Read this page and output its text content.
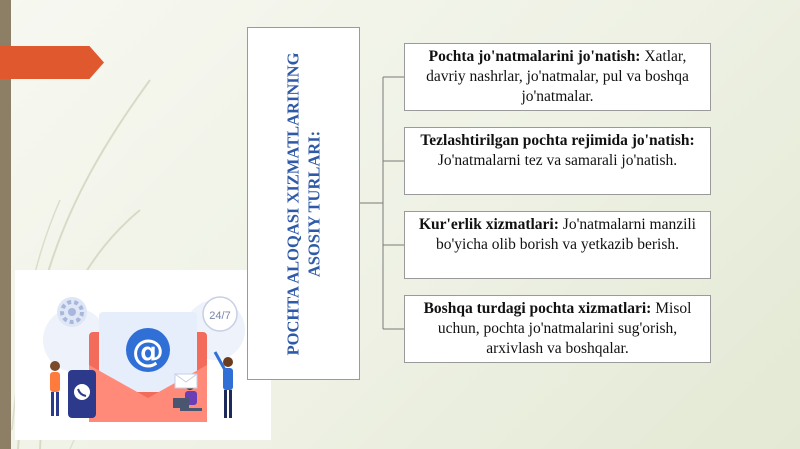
24/7
@	POCHTA ALOQASI XIZMATLARINING ASOSIY TURLARI:
Pochta jo'natmalarini jo'natish: Xatlar, davriy nashrlar, jo'natmalar, pul va boshqa jo'natmalar.
Tezlashtirilgan pochta rejimida jo'natish: Jo'natmalarni tez va samarali jo'natish.
Kur'erlik xizmatlari: Jo'natmalarni manzili bo'yicha olib borish va yetkazib berish.
Boshqa turdagi pochta xizmatlari: Misol uchun, pochta jo'natmalarini sug'orish, arxivlash va boshqalar.
